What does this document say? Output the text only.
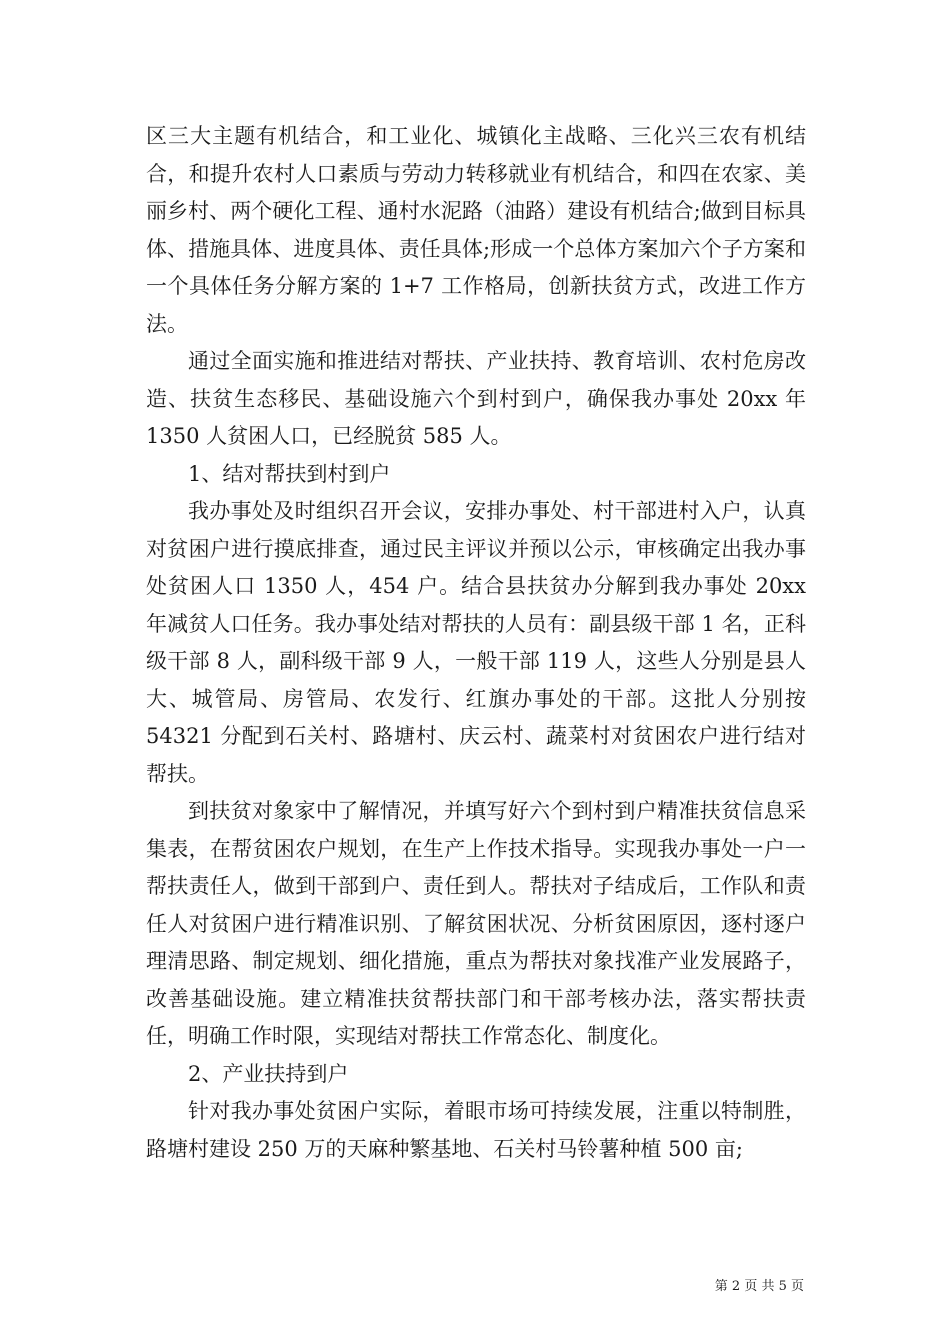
区三大主题有机结合，和工业化、城镇化主战略、三化兴三农有机结合，和提升农村人口素质与劳动力转移就业有机结合，和四在农家、美丽乡村、两个硬化工程、通村水泥路（油路）建设有机结合;做到目标具体、措施具体、进度具体、责任具体;形成一个总体方案加六个子方案和一个具体任务分解方案的 1+7 工作格局，创新扶贫方式，改进工作方法。

通过全面实施和推进结对帮扶、产业扶持、教育培训、农村危房改造、扶贫生态移民、基础设施六个到村到户，确保我办事处 20xx 年 1350 人贫困人口，已经脱贫 585 人。

1、结对帮扶到村到户

我办事处及时组织召开会议，安排办事处、村干部进村入户，认真对贫困户进行摸底排查，通过民主评议并预以公示，审核确定出我办事处贫困人口 1350 人，454 户。结合县扶贫办分解到我办事处 20xx 年减贫人口任务。我办事处结对帮扶的人员有：副县级干部 1 名，正科级干部 8 人，副科级干部 9 人，一般干部 119 人，这些人分别是县人大、城管局、房管局、农发行、红旗办事处的干部。这批人分别按 54321 分配到石关村、路塘村、庆云村、蔬菜村对贫困农户进行结对帮扶。

到扶贫对象家中了解情况，并填写好六个到村到户精准扶贫信息采集表，在帮贫困农户规划，在生产上作技术指导。实现我办事处一户一帮扶责任人，做到干部到户、责任到人。帮扶对子结成后，工作队和责任人对贫困户进行精准识别、了解贫困状况、分析贫困原因，逐村逐户理清思路、制定规划、细化措施，重点为帮扶对象找准产业发展路子，改善基础设施。建立精准扶贫帮扶部门和干部考核办法，落实帮扶责任，明确工作时限，实现结对帮扶工作常态化、制度化。

2、产业扶持到户

针对我办事处贫困户实际，着眼市场可持续发展，注重以特制胜，路塘村建设 250 万的天麻种繁基地、石关村马铃薯种植 500 亩;

第 2 页 共 5 页
